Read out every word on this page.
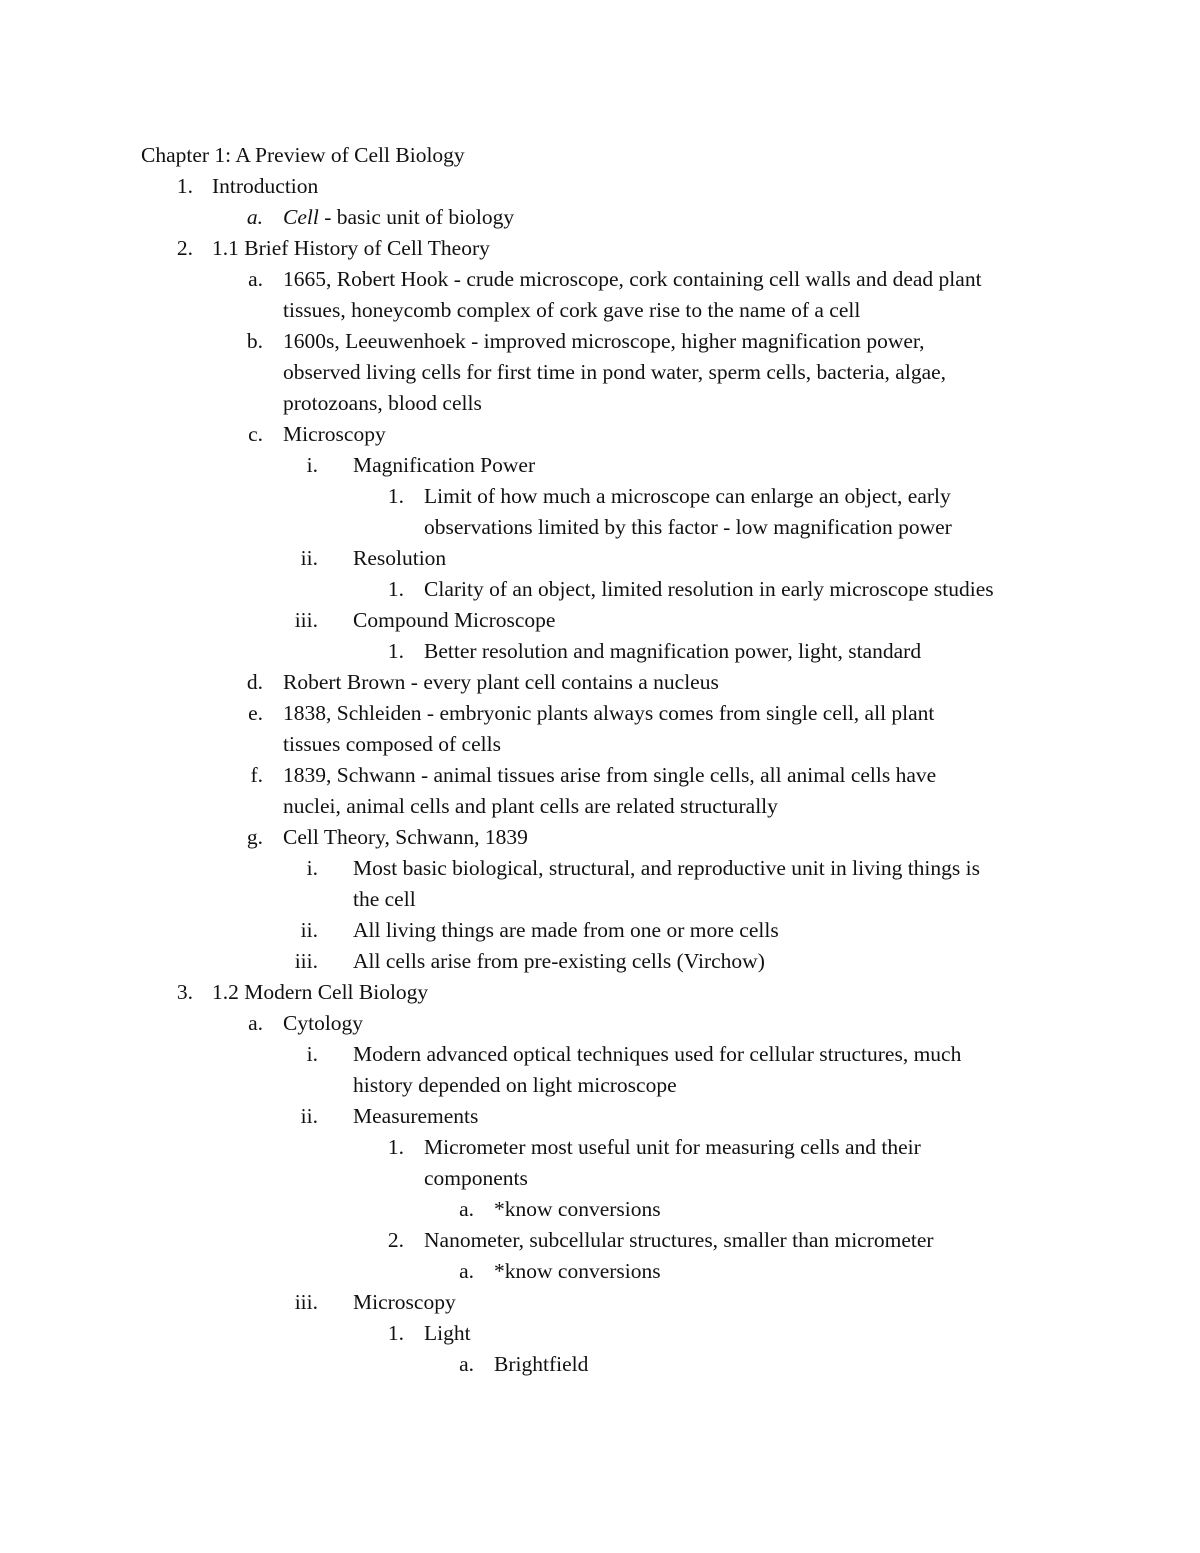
Chapter 1: A Preview of Cell Biology
1. Introduction
a. Cell - basic unit of biology
2. 1.1 Brief History of Cell Theory
a. 1665, Robert Hook - crude microscope, cork containing cell walls and dead plant
tissues, honeycomb complex of cork gave rise to the name of a cell
b. 1600s, Leeuwenhoek - improved microscope, higher magnification power,
observed living cells for first time in pond water, sperm cells, bacteria, algae,
protozoans, blood cells
c. Microscopy
i. Magnification Power
1. Limit of how much a microscope can enlarge an object, early
observations limited by this factor - low magnification power
ii. Resolution
1. Clarity of an object, limited resolution in early microscope studies
iii. Compound Microscope
1. Better resolution and magnification power, light, standard
d. Robert Brown - every plant cell contains a nucleus
e. 1838, Schleiden - embryonic plants always comes from single cell, all plant
tissues composed of cells
f. 1839, Schwann - animal tissues arise from single cells, all animal cells have
nuclei, animal cells and plant cells are related structurally
g. Cell Theory, Schwann, 1839
i. Most basic biological, structural, and reproductive unit in living things is
the cell
ii. All living things are made from one or more cells
iii. All cells arise from pre-existing cells (Virchow)
3. 1.2 Modern Cell Biology
a. Cytology
i. Modern advanced optical techniques used for cellular structures, much
history depended on light microscope
ii. Measurements
1. Micrometer most useful unit for measuring cells and their
components
a. *know conversions
2. Nanometer, subcellular structures, smaller than micrometer
a. *know conversions
iii. Microscopy
1. Light
a. Brightfield
